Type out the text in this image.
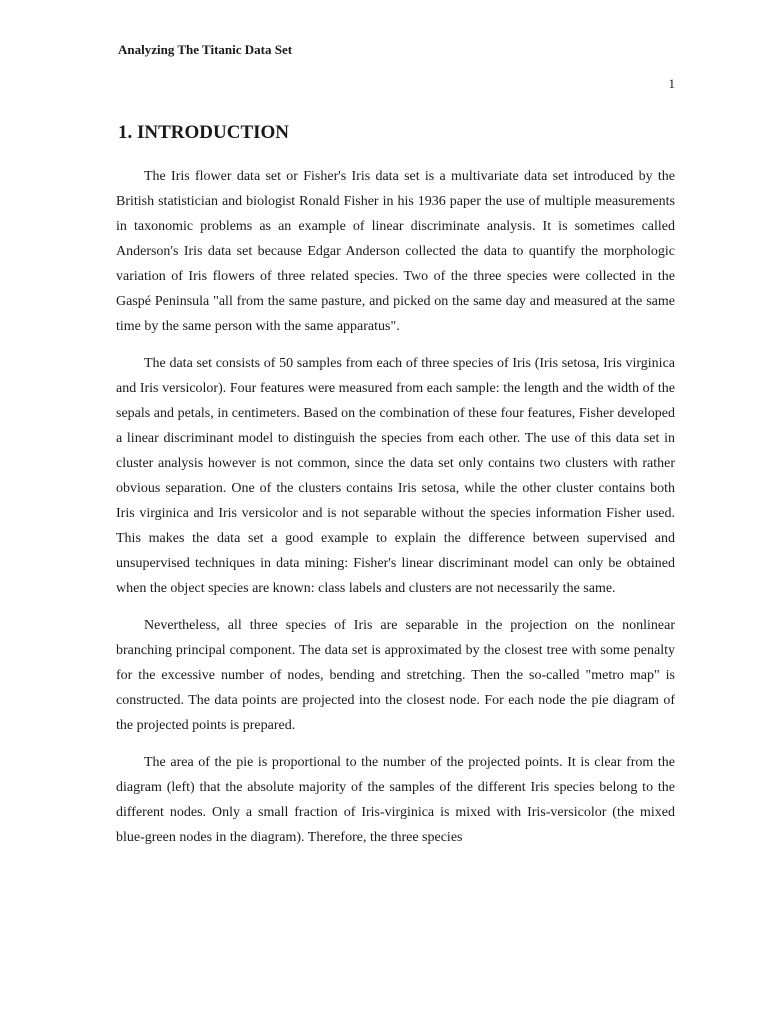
Analyzing The Titanic Data Set
1
1. INTRODUCTION

The Iris flower data set or Fisher's Iris data set is a multivariate data set introduced by the British statistician and biologist Ronald Fisher in his 1936 paper the use of multiple measurements in taxonomic problems as an example of linear discriminate analysis. It is sometimes called Anderson's Iris data set because Edgar Anderson collected the data to quantify the morphologic variation of Iris flowers of three related species. Two of the three species were collected in the Gaspé Peninsula "all from the same pasture, and picked on the same day and measured at the same time by the same person with the same apparatus".

The data set consists of 50 samples from each of three species of Iris (Iris setosa, Iris virginica and Iris versicolor). Four features were measured from each sample: the length and the width of the sepals and petals, in centimeters. Based on the combination of these four features, Fisher developed a linear discriminant model to distinguish the species from each other. The use of this data set in cluster analysis however is not common, since the data set only contains two clusters with rather obvious separation. One of the clusters contains Iris setosa, while the other cluster contains both Iris virginica and Iris versicolor and is not separable without the species information Fisher used. This makes the data set a good example to explain the difference between supervised and unsupervised techniques in data mining: Fisher's linear discriminant model can only be obtained when the object species are known: class labels and clusters are not necessarily the same.

Nevertheless, all three species of Iris are separable in the projection on the nonlinear branching principal component. The data set is approximated by the closest tree with some penalty for the excessive number of nodes, bending and stretching. Then the so-called "metro map" is constructed. The data points are projected into the closest node. For each node the pie diagram of the projected points is prepared.

The area of the pie is proportional to the number of the projected points. It is clear from the diagram (left) that the absolute majority of the samples of the different Iris species belong to the different nodes. Only a small fraction of Iris-virginica is mixed with Iris-versicolor (the mixed blue-green nodes in the diagram). Therefore, the three species
